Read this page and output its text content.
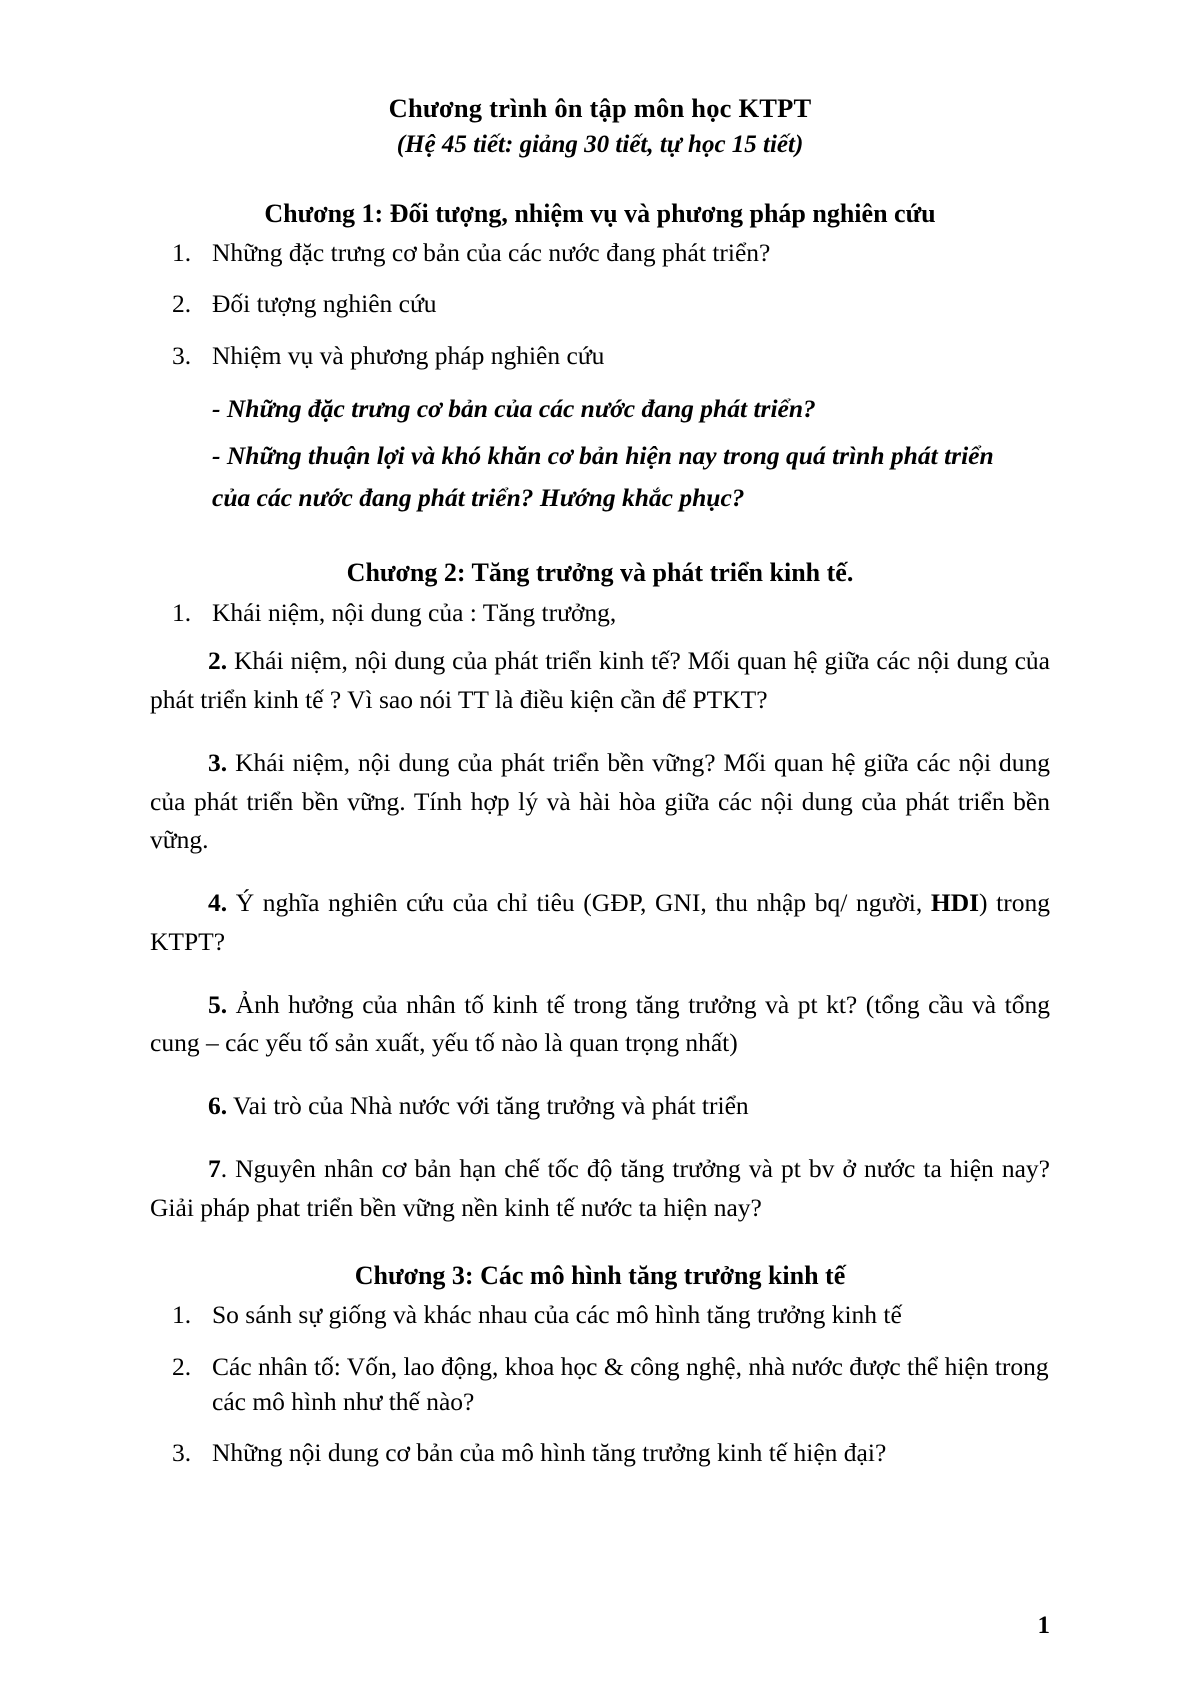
Chương trình ôn tập môn học KTPT
(Hệ 45 tiết: giảng 30 tiết, tự học 15 tiết)
Chương 1: Đối tượng, nhiệm vụ và phương pháp nghiên cứu
1. Những đặc trưng cơ bản của các nước đang phát triển?
2. Đối tượng nghiên cứu
3. Nhiệm vụ và phương pháp nghiên cứu
- Những đặc trưng cơ bản của các nước đang phát triển?
- Những thuận lợi và khó khăn cơ bản hiện nay trong quá trình phát triển
của các nước đang phát triển? Hướng khắc phục?
Chương 2: Tăng trưởng và phát triển kinh tế.
1. Khái niệm, nội dung của : Tăng trưởng,

2. Khái niệm, nội dung của phát triển kinh tế? Mối quan hệ giữa các nội dung của phát triển kinh tế ? Vì sao nói TT là điều kiện cần để PTKT?

3. Khái niệm, nội dung của phát triển bền vững? Mối quan hệ giữa các nội dung của phát triển bền vững. Tính hợp lý và hài hòa giữa các nội dung của phát triển bền vững.

4. Ý nghĩa nghiên cứu của chỉ tiêu (GĐP, GNI, thu nhập bq/ người, HDI) trong KTPT?

5. Ảnh hưởng của nhân tố kinh tế trong tăng trưởng và pt kt? (tổng cầu và tổng cung – các yếu tố sản xuất, yếu tố nào là quan trọng nhất)

6. Vai trò của Nhà nước với tăng trưởng và phát triển

7. Nguyên nhân cơ bản hạn chế tốc độ tăng trưởng và pt bv ở nước ta hiện nay? Giải pháp phat triển bền vững nền kinh tế nước ta hiện nay?

Chương 3: Các mô hình tăng trưởng kinh tế
1. So sánh sự giống và khác nhau của các mô hình tăng trưởng kinh tế
2. Các nhân tố: Vốn, lao động, khoa học & công nghệ, nhà nước được thể hiện trong các mô hình như thế nào?
3. Những nội dung cơ bản của mô hình tăng trưởng kinh tế hiện đại?
1
